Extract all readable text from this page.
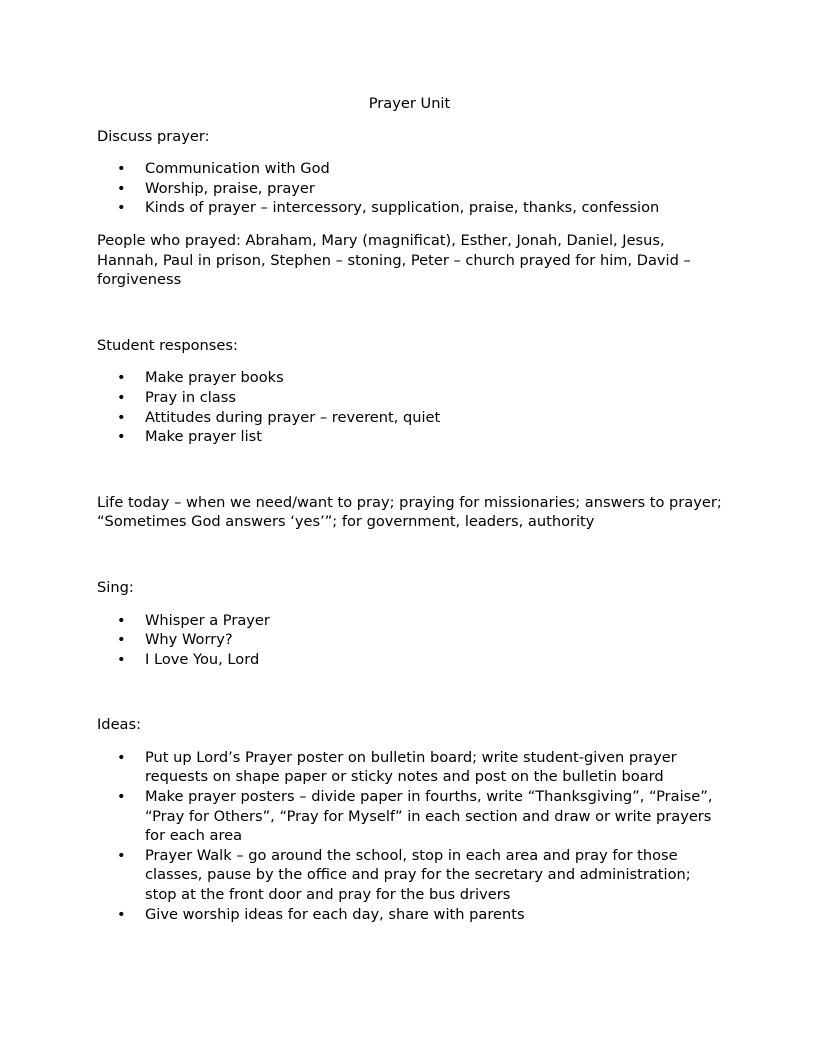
Prayer Unit
Discuss prayer:
• Communication with God
• Worship, praise, prayer
• Kinds of prayer – intercessory, supplication, praise, thanks, confession
People who prayed: Abraham, Mary (magnificat), Esther, Jonah, Daniel, Jesus, Hannah, Paul in prison, Stephen – stoning, Peter – church prayed for him, David – forgiveness
Student responses:
• Make prayer books
• Pray in class
• Attitudes during prayer – reverent, quiet
• Make prayer list
Life today – when we need/want to pray; praying for missionaries; answers to prayer; “Sometimes God answers ‘yes’”; for government, leaders, authority
Sing:
• Whisper a Prayer
• Why Worry?
• I Love You, Lord
Ideas:
• Put up Lord’s Prayer poster on bulletin board; write student-given prayer requests on shape paper or sticky notes and post on the bulletin board
• Make prayer posters – divide paper in fourths, write “Thanksgiving”, “Praise”, “Pray for Others”, “Pray for Myself” in each section and draw or write prayers for each area
• Prayer Walk – go around the school, stop in each area and pray for those classes, pause by the office and pray for the secretary and administration; stop at the front door and pray for the bus drivers
• Give worship ideas for each day, share with parents
